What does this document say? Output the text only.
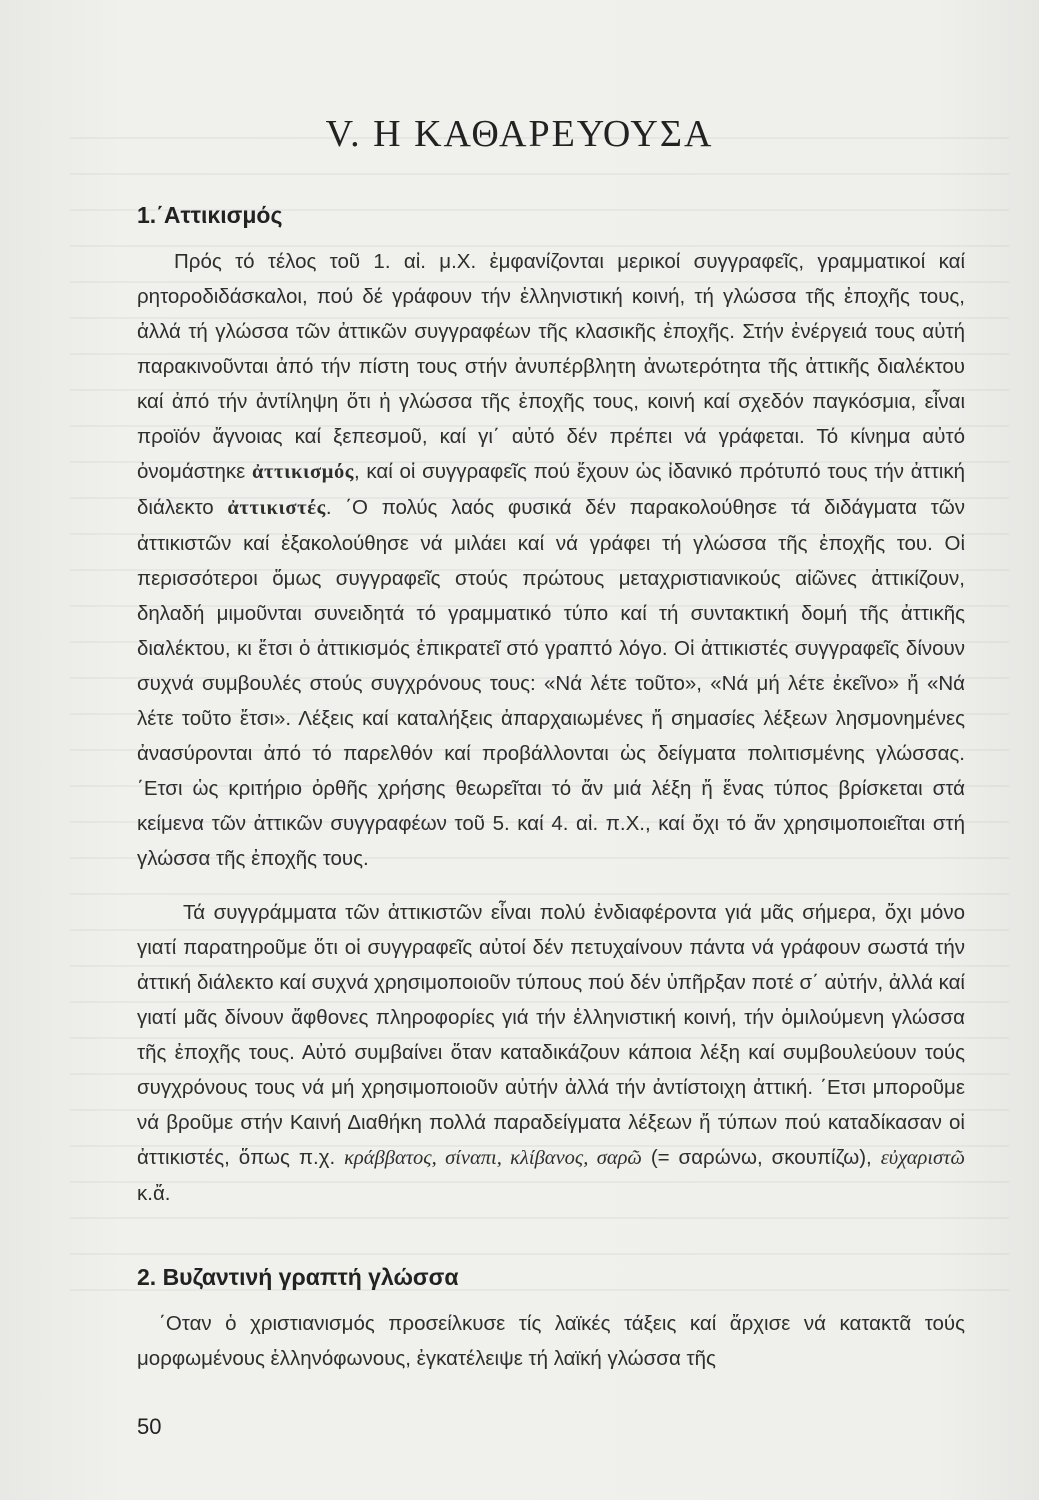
V. Η ΚΑΘΑΡΕΥΟΥΣΑ
1.΄Αττικισμός

Πρός τό τέλος τοῦ 1. αἰ. μ.Χ. ἐμφανίζονται μερικοί συγγραφεῖς, γραμματικοί καί ρητοροδιδάσκαλοι, πού δέ γράφουν τήν ἑλληνιστική κοινή, τή γλώσσα τῆς ἐποχῆς τους, ἀλλά τή γλώσσα τῶν ἀττικῶν συγγραφέων τῆς κλασικῆς ἐποχῆς. Στήν ἐνέργειά τους αὐτή παρακινοῦνται ἀπό τήν πίστη τους στήν ἀνυπέρβλητη ἀνωτερότητα τῆς ἀττικῆς διαλέκτου καί ἀπό τήν ἀντίληψη ὅτι ἡ γλώσσα τῆς ἐποχῆς τους, κοινή καί σχεδόν παγκόσμια, εἶναι προϊόν ἄγνοιας καί ξεπεσμοῦ, καί γι΄ αὐτό δέν πρέπει νά γράφεται. Τό κίνημα αὐτό ὀνομάστηκε ἀττικισμός, καί οἱ συγγραφεῖς πού ἔχουν ὡς ἰδανικό πρότυπό τους τήν ἀττική διάλεκτο ἀττικιστές. ΄Ο πολύς λαός φυσικά δέν παρακολούθησε τά διδάγματα τῶν ἀττικιστῶν καί ἐξακολούθησε νά μιλάει καί νά γράφει τή γλώσσα τῆς ἐποχῆς του. Οἱ περισσότεροι ὅμως συγγραφεῖς στούς πρώτους μεταχριστιανικούς αἰῶνες ἀττικίζουν, δηλαδή μιμοῦνται συνειδητά τό γραμματικό τύπο καί τή συντακτική δομή τῆς ἀττικῆς διαλέκτου, κι ἔτσι ὁ ἀττικισμός ἐπικρατεῖ στό γραπτό λόγο. Οἱ ἀττικιστές συγγραφεῖς δίνουν συχνά συμβουλές στούς συγχρόνους τους: «Νά λέτε τοῦτο», «Νά μή λέτε ἐκεῖνο» ἤ «Νά λέτε τοῦτο ἔτσι». Λέξεις καί καταλήξεις ἀπαρχαιωμένες ἤ σημασίες λέξεων λησμονημένες ἀνασύρονται ἀπό τό παρελθόν καί προβάλλονται ὡς δείγματα πολιτισμένης γλώσσας. ΄Ετσι ὡς κριτήριο ὀρθῆς χρήσης θεωρεῖται τό ἄν μιά λέξη ἤ ἕνας τύπος βρίσκεται στά κείμενα τῶν ἀττικῶν συγγραφέων τοῦ 5. καί 4. αἰ. π.Χ., καί ὄχι τό ἄν χρησιμοποιεῖται στή γλώσσα τῆς ἐποχῆς τους.

Τά συγγράμματα τῶν ἀττικιστῶν εἶναι πολύ ἐνδιαφέροντα γιά μᾶς σήμερα, ὄχι μόνο γιατί παρατηροῦμε ὅτι οἱ συγγραφεῖς αὐτοί δέν πετυχαίνουν πάντα νά γράφουν σωστά τήν ἀττική διάλεκτο καί συχνά χρησιμοποιοῦν τύπους πού δέν ὑπῆρξαν ποτέ σ΄ αὐτήν, ἀλλά καί γιατί μᾶς δίνουν ἄφθονες πληροφορίες γιά τήν ἑλληνιστική κοινή, τήν ὁμιλούμενη γλώσσα τῆς ἐποχῆς τους. Αὐτό συμβαίνει ὅταν καταδικάζουν κάποια λέξη καί συμβουλεύουν τούς συγχρόνους τους νά μή χρησιμοποιοῦν αὐτήν ἀλλά τήν ἀντίστοιχη ἀττική. ΄Ετσι μποροῦμε νά βροῦμε στήν Καινή Διαθήκη πολλά παραδείγματα λέξεων ἤ τύπων πού καταδίκασαν οἱ ἀττικιστές, ὅπως π.χ. κράββατος, σίναπι, κλίβανος, σαρῶ (= σαρώνω, σκουπίζω), εὐχαριστῶ κ.ἄ.

2. Βυζαντινή γραπτή γλώσσα

΄Οταν ὁ χριστιανισμός προσείλκυσε τίς λαϊκές τάξεις καί ἄρχισε νά κατακτᾶ τούς μορφωμένους ἑλληνόφωνους, ἐγκατέλειψε τή λαϊκή γλώσσα τῆς

50
